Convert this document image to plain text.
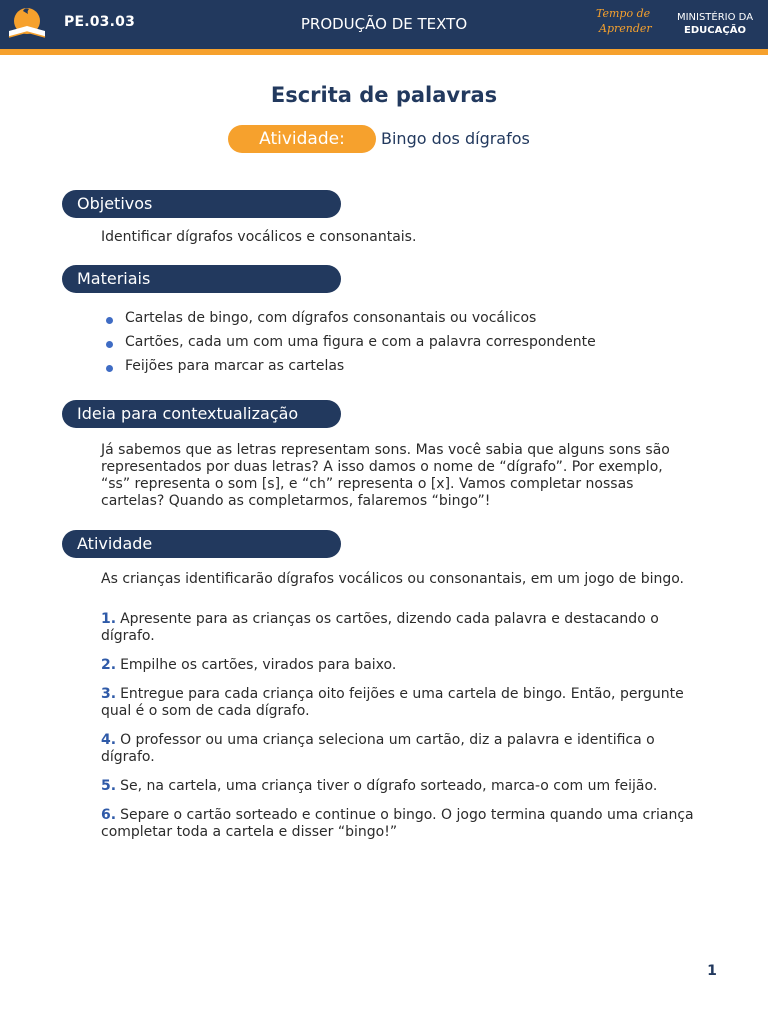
PE.03.03	PRODUÇÃO DE TEXTO
Tempo de
Aprender
MINISTÉRIO DA
EDUCAÇÃO
Escrita de palavras
Atividade:	Bingo dos dígrafos
Objetivos

Identificar dígrafos vocálicos e consonantais.

Materiais
Cartelas de bingo, com dígrafos consonantais ou vocálicos
Cartões, cada um com uma figura e com a palavra correspondente
Feijões para marcar as cartelas
Ideia para contextualização

Já sabemos que as letras representam sons. Mas você sabia que alguns sons são representados por duas letras? A isso damos o nome de “dígrafo”. Por exemplo, “ss” representa o som [s], e “ch” representa o [x]. Vamos completar nossas cartelas? Quando as completarmos, falaremos “bingo”!

Atividade

As crianças identificarão dígrafos vocálicos ou consonantais, em um jogo de bingo.

1. Apresente para as crianças os cartões, dizendo cada palavra e destacando o dígrafo.
2. Empilhe os cartões, virados para baixo.
3. Entregue para cada criança oito feijões e uma cartela de bingo. Então, pergunte qual é o som de cada dígrafo.
4. O professor ou uma criança seleciona um cartão, diz a palavra e identifica o dígrafo.
5. Se, na cartela, uma criança tiver o dígrafo sorteado, marca-o com um feijão.
6. Separe o cartão sorteado e continue o bingo. O jogo termina quando uma criança completar toda a cartela e disser “bingo!”
1
